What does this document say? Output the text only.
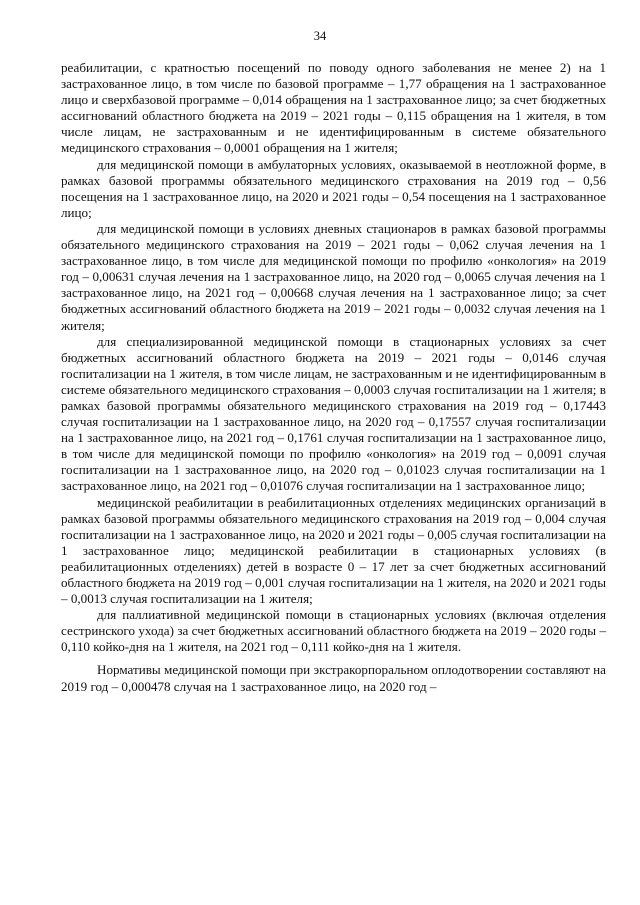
34

реабилитации, с кратностью посещений по поводу одного заболевания не менее 2) на 1 застрахованное лицо, в том числе по базовой программе – 1,77 обращения на 1 застрахованное лицо и сверхбазовой программе – 0,014 обращения на 1 застрахованное лицо; за счет бюджетных ассигнований областного бюджета на 2019 – 2021 годы – 0,115 обращения на 1 жителя, в том числе лицам, не застрахованным и не идентифицированным в системе обязательного медицинского страхования – 0,0001 обращения на 1 жителя;

для медицинской помощи в амбулаторных условиях, оказываемой в неотложной форме, в рамках базовой программы обязательного медицинского страхования на 2019 год – 0,56 посещения на 1 застрахованное лицо, на 2020 и 2021 годы – 0,54 посещения на 1 застрахованное лицо;

для медицинской помощи в условиях дневных стационаров в рамках базовой программы обязательного медицинского страхования на 2019 – 2021 годы – 0,062 случая лечения на 1 застрахованное лицо, в том числе для медицинской помощи по профилю «онкология» на 2019 год – 0,00631 случая лечения на 1 застрахованное лицо, на 2020 год – 0,0065 случая лечения на 1 застрахованное лицо, на 2021 год – 0,00668 случая лечения на 1 застрахованное лицо; за счет бюджетных ассигнований областного бюджета на 2019 – 2021 годы – 0,0032 случая лечения на 1 жителя;

для специализированной медицинской помощи в стационарных условиях за счет бюджетных ассигнований областного бюджета на 2019 – 2021 годы – 0,0146 случая госпитализации на 1 жителя, в том числе лицам, не застрахованным и не идентифицированным в системе обязательного медицинского страхования – 0,0003 случая госпитализации на 1 жителя; в рамках базовой программы обязательного медицинского страхования на 2019 год – 0,17443 случая госпитализации на 1 застрахованное лицо, на 2020 год – 0,17557 случая госпитализации на 1 застрахованное лицо, на 2021 год – 0,1761 случая госпитализации на 1 застрахованное лицо, в том числе для медицинской помощи по профилю «онкология» на 2019 год – 0,0091 случая госпитализации на 1 застрахованное лицо, на 2020 год – 0,01023 случая госпитализации на 1 застрахованное лицо, на 2021 год – 0,01076 случая госпитализации на 1 застрахованное лицо;

медицинской реабилитации в реабилитационных отделениях медицинских организаций в рамках базовой программы обязательного медицинского страхования на 2019 год – 0,004 случая госпитализации на 1 застрахованное лицо, на 2020 и 2021 годы – 0,005 случая госпитализации на 1 застрахованное лицо; медицинской реабилитации в стационарных условиях (в реабилитационных отделениях) детей в возрасте 0 – 17 лет за счет бюджетных ассигнований областного бюджета на 2019 год – 0,001 случая госпитализации на 1 жителя, на 2020 и 2021 годы – 0,0013 случая госпитализации на 1 жителя;

для паллиативной медицинской помощи в стационарных условиях (включая отделения сестринского ухода) за счет бюджетных ассигнований областного бюджета на 2019 – 2020 годы – 0,110 койко-дня на 1 жителя, на 2021 год – 0,111 койко-дня на 1 жителя.

Нормативы медицинской помощи при экстракорпоральном оплодотворении составляют на 2019 год – 0,000478 случая на 1 застрахованное лицо, на 2020 год –
